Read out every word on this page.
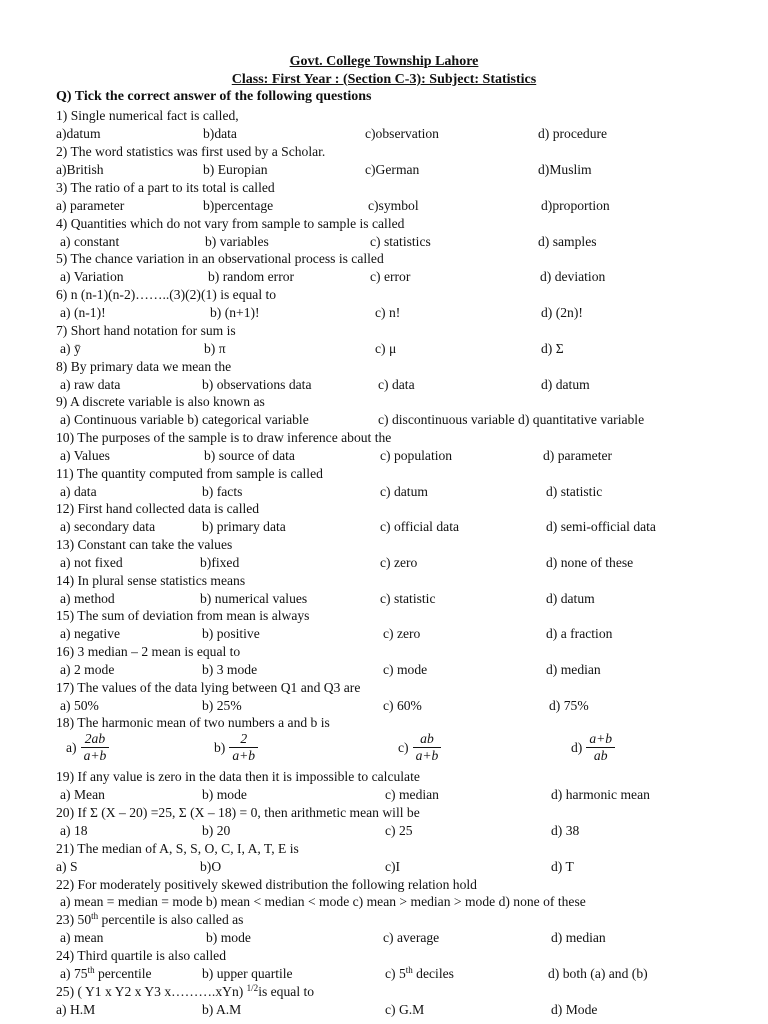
Govt. College Township Lahore
Class: First Year : (Section C-3): Subject: Statistics
Q) Tick the correct answer of the following questions
1) Single numerical fact is called,
a)datum	b)data	c)observation	d) procedure
2) The word statistics was first used by a Scholar.
a)British	b) Europian	c)German	d)Muslim
3) The ratio of a part to its total is called
a) parameter	b)percentage	c)symbol	d)proportion
4) Quantities which do not vary from sample to sample is called
a) constant	b) variables	c) statistics	d) samples
5) The chance variation in an observational process is called
a) Variation	b) random error	c) error	d) deviation
6) n (n-1)(n-2)……..(3)(2)(1) is equal to
a) (n-1)!	b) (n+1)!	c) n!	d) (2n)!
7) Short hand notation for sum is
a) ȳ	b) π	c) μ	d) Σ
8) By primary data we mean the
a) raw data	b) observations data	c) data	d) datum
9) A discrete variable is also known as
a) Continuous variable b) categorical variable	c) discontinuous variable d) quantitative variable
10) The purposes of the sample is to draw inference about the
a) Values	b) source of data	c) population	d) parameter
11) The quantity computed from sample is called
a) data	b) facts	c) datum	d) statistic
12) First hand collected data is called
a) secondary data	b) primary data	c) official data	d) semi-official data
13) Constant can take the values
a) not fixed	b)fixed	c) zero	d) none of these
14) In plural sense statistics means
a) method	b) numerical values	c) statistic	d) datum
15) The sum of deviation from mean is always
a) negative	b) positive	c) zero	d) a fraction
16) 3 median – 2 mean is equal to
a) 2 mode	b) 3 mode	c) mode	d) median
17) The values of the data lying between Q1 and Q3 are
a) 50%	b) 25%	c) 60%	d) 75%
18) The harmonic mean of two numbers a and b is
$a) \frac{2ab}{a+b}$	$b) \frac{2}{a+b}$	$c) \frac{ab}{a+b}$	$d) \frac{a+b}{ab}$
19) If any value is zero in the data then it is impossible to calculate
a) Mean	b) mode	c) median	d) harmonic mean
20) If Σ (X – 20) =25, Σ (X – 18) = 0, then arithmetic mean will be
a) 18	b) 20	c) 25	d) 38
21) The median of A, S, S, O, C, I, A, T, E is
a) S	b)O	c)I	d) T
22) For moderately positively skewed distribution the following relation hold
a) mean = median = mode b) mean < median < mode c) mean > median > mode d) none of these
23) 50th percentile is also called as
a) mean	b) mode	c) average	d) median
24) Third quartile is also called
a) 75th percentile	b) upper quartile	c) 5th deciles	d) both (a) and (b)
25) ( Y1 x Y2 x Y3 x……….xYn) $^{1/2}$is equal to
a) H.M	b) A.M	c) G.M	d) Mode
